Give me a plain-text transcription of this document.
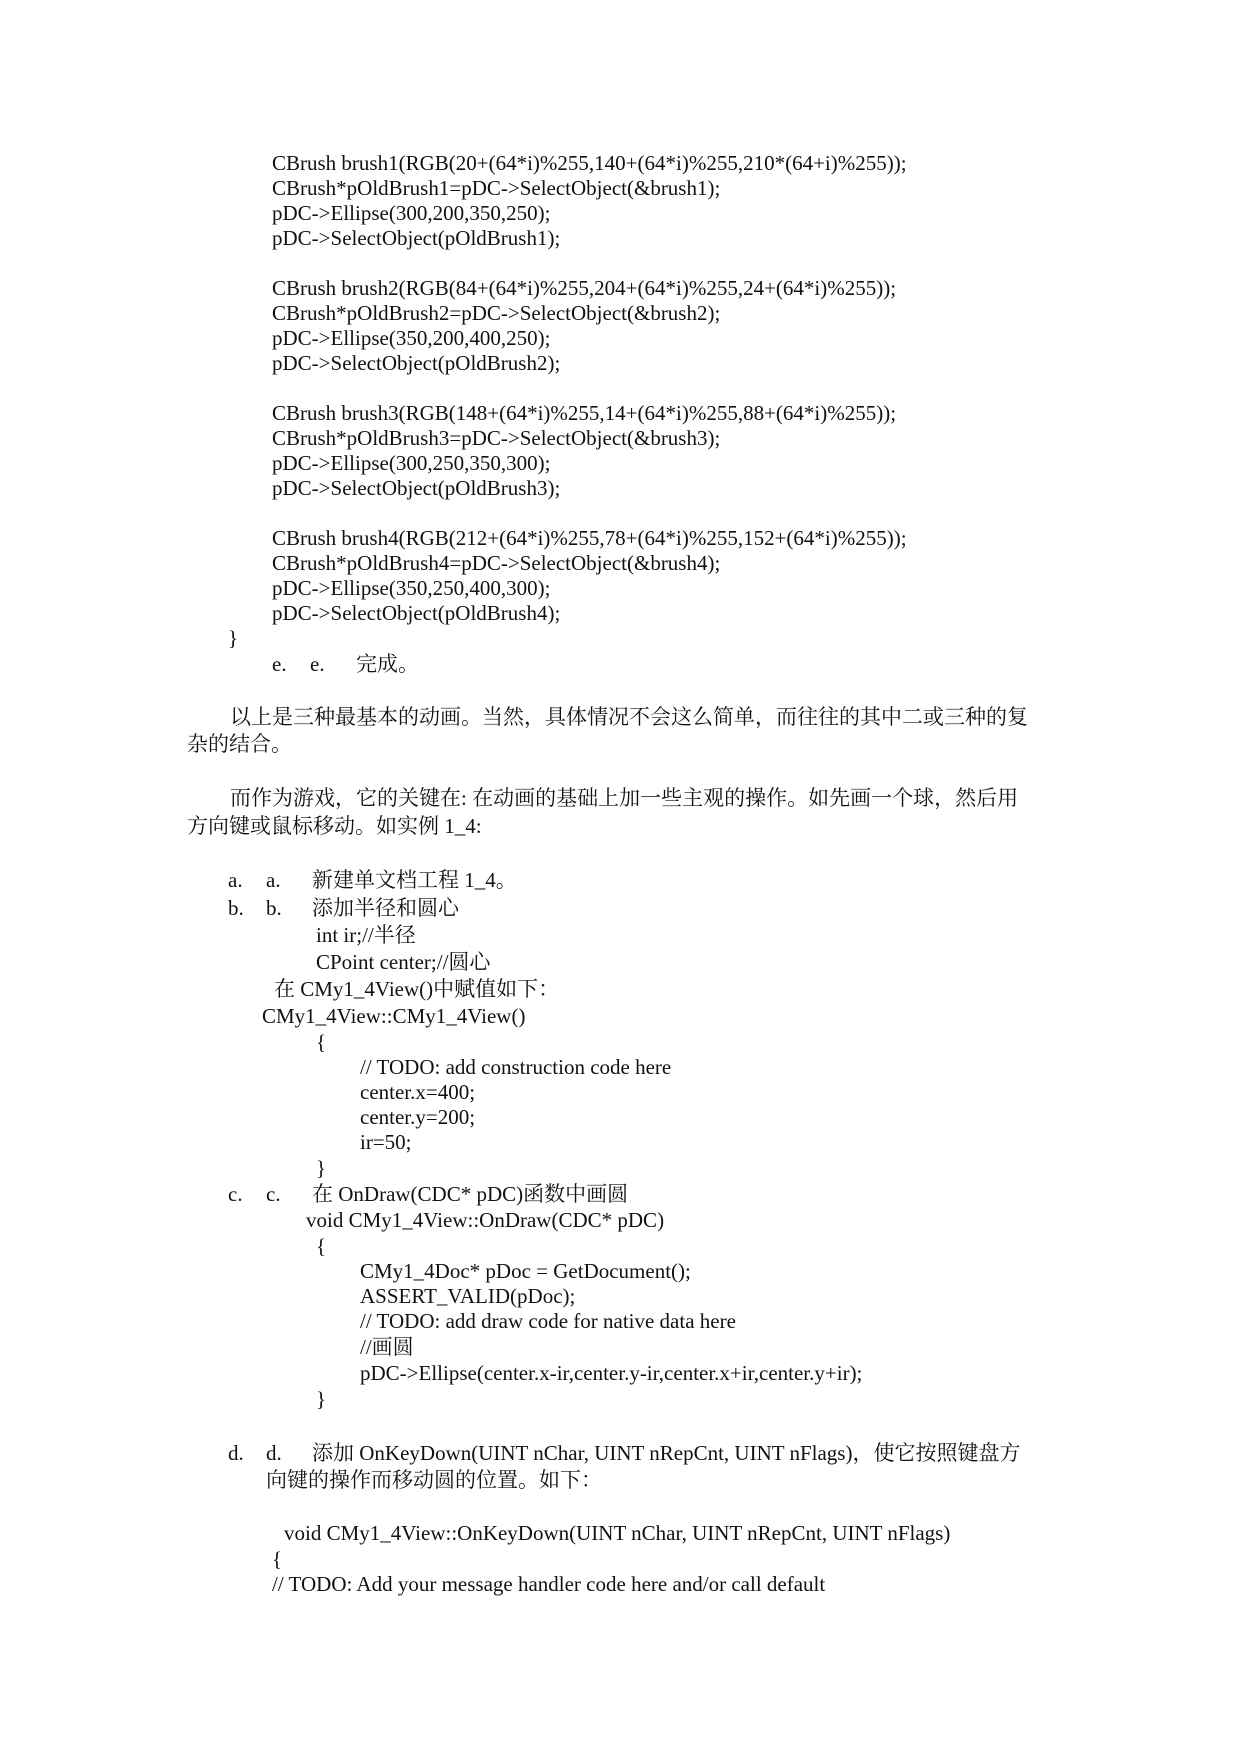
CBrush brush1(RGB(20+(64*i)%255,140+(64*i)%255,210*(64+i)%255));
CBrush*pOldBrush1=pDC->SelectObject(&brush1);
pDC->Ellipse(300,200,350,250);
pDC->SelectObject(pOldBrush1);
CBrush brush2(RGB(84+(64*i)%255,204+(64*i)%255,24+(64*i)%255));
CBrush*pOldBrush2=pDC->SelectObject(&brush2);
pDC->Ellipse(350,200,400,250);
pDC->SelectObject(pOldBrush2);
CBrush brush3(RGB(148+(64*i)%255,14+(64*i)%255,88+(64*i)%255));
CBrush*pOldBrush3=pDC->SelectObject(&brush3);
pDC->Ellipse(300,250,350,300);
pDC->SelectObject(pOldBrush3);
CBrush brush4(RGB(212+(64*i)%255,78+(64*i)%255,152+(64*i)%255));
CBrush*pOldBrush4=pDC->SelectObject(&brush4);
pDC->Ellipse(350,250,400,300);
pDC->SelectObject(pOldBrush4);
}
e. e. 完成。
以上是三种最基本的动画。当然，具体情况不会这么简单，而往往的其中二或三种的复
杂的结合。
而作为游戏，它的关键在: 在动画的基础上加一些主观的操作。如先画一个球，然后用
方向键或鼠标移动。如实例 1_4:
a. a. 新建单文档工程 1_4。
b. b. 添加半径和圆心
int ir;//半径
CPoint center;//圆心
在 CMy1_4View()中赋值如下：
CMy1_4View::CMy1_4View()
{
// TODO: add construction code here
center.x=400;
center.y=200;
ir=50;
}
c. c. 在 OnDraw(CDC* pDC)函数中画圆
void CMy1_4View::OnDraw(CDC* pDC)
{
CMy1_4Doc* pDoc = GetDocument();
ASSERT_VALID(pDoc);
// TODO: add draw code for native data here
//画圆
pDC->Ellipse(center.x-ir,center.y-ir,center.x+ir,center.y+ir);
}
d. d. 添加 OnKeyDown(UINT nChar, UINT nRepCnt, UINT nFlags)，使它按照键盘方
向键的操作而移动圆的位置。如下：
void CMy1_4View::OnKeyDown(UINT nChar, UINT nRepCnt, UINT nFlags)
{
// TODO: Add your message handler code here and/or call default
